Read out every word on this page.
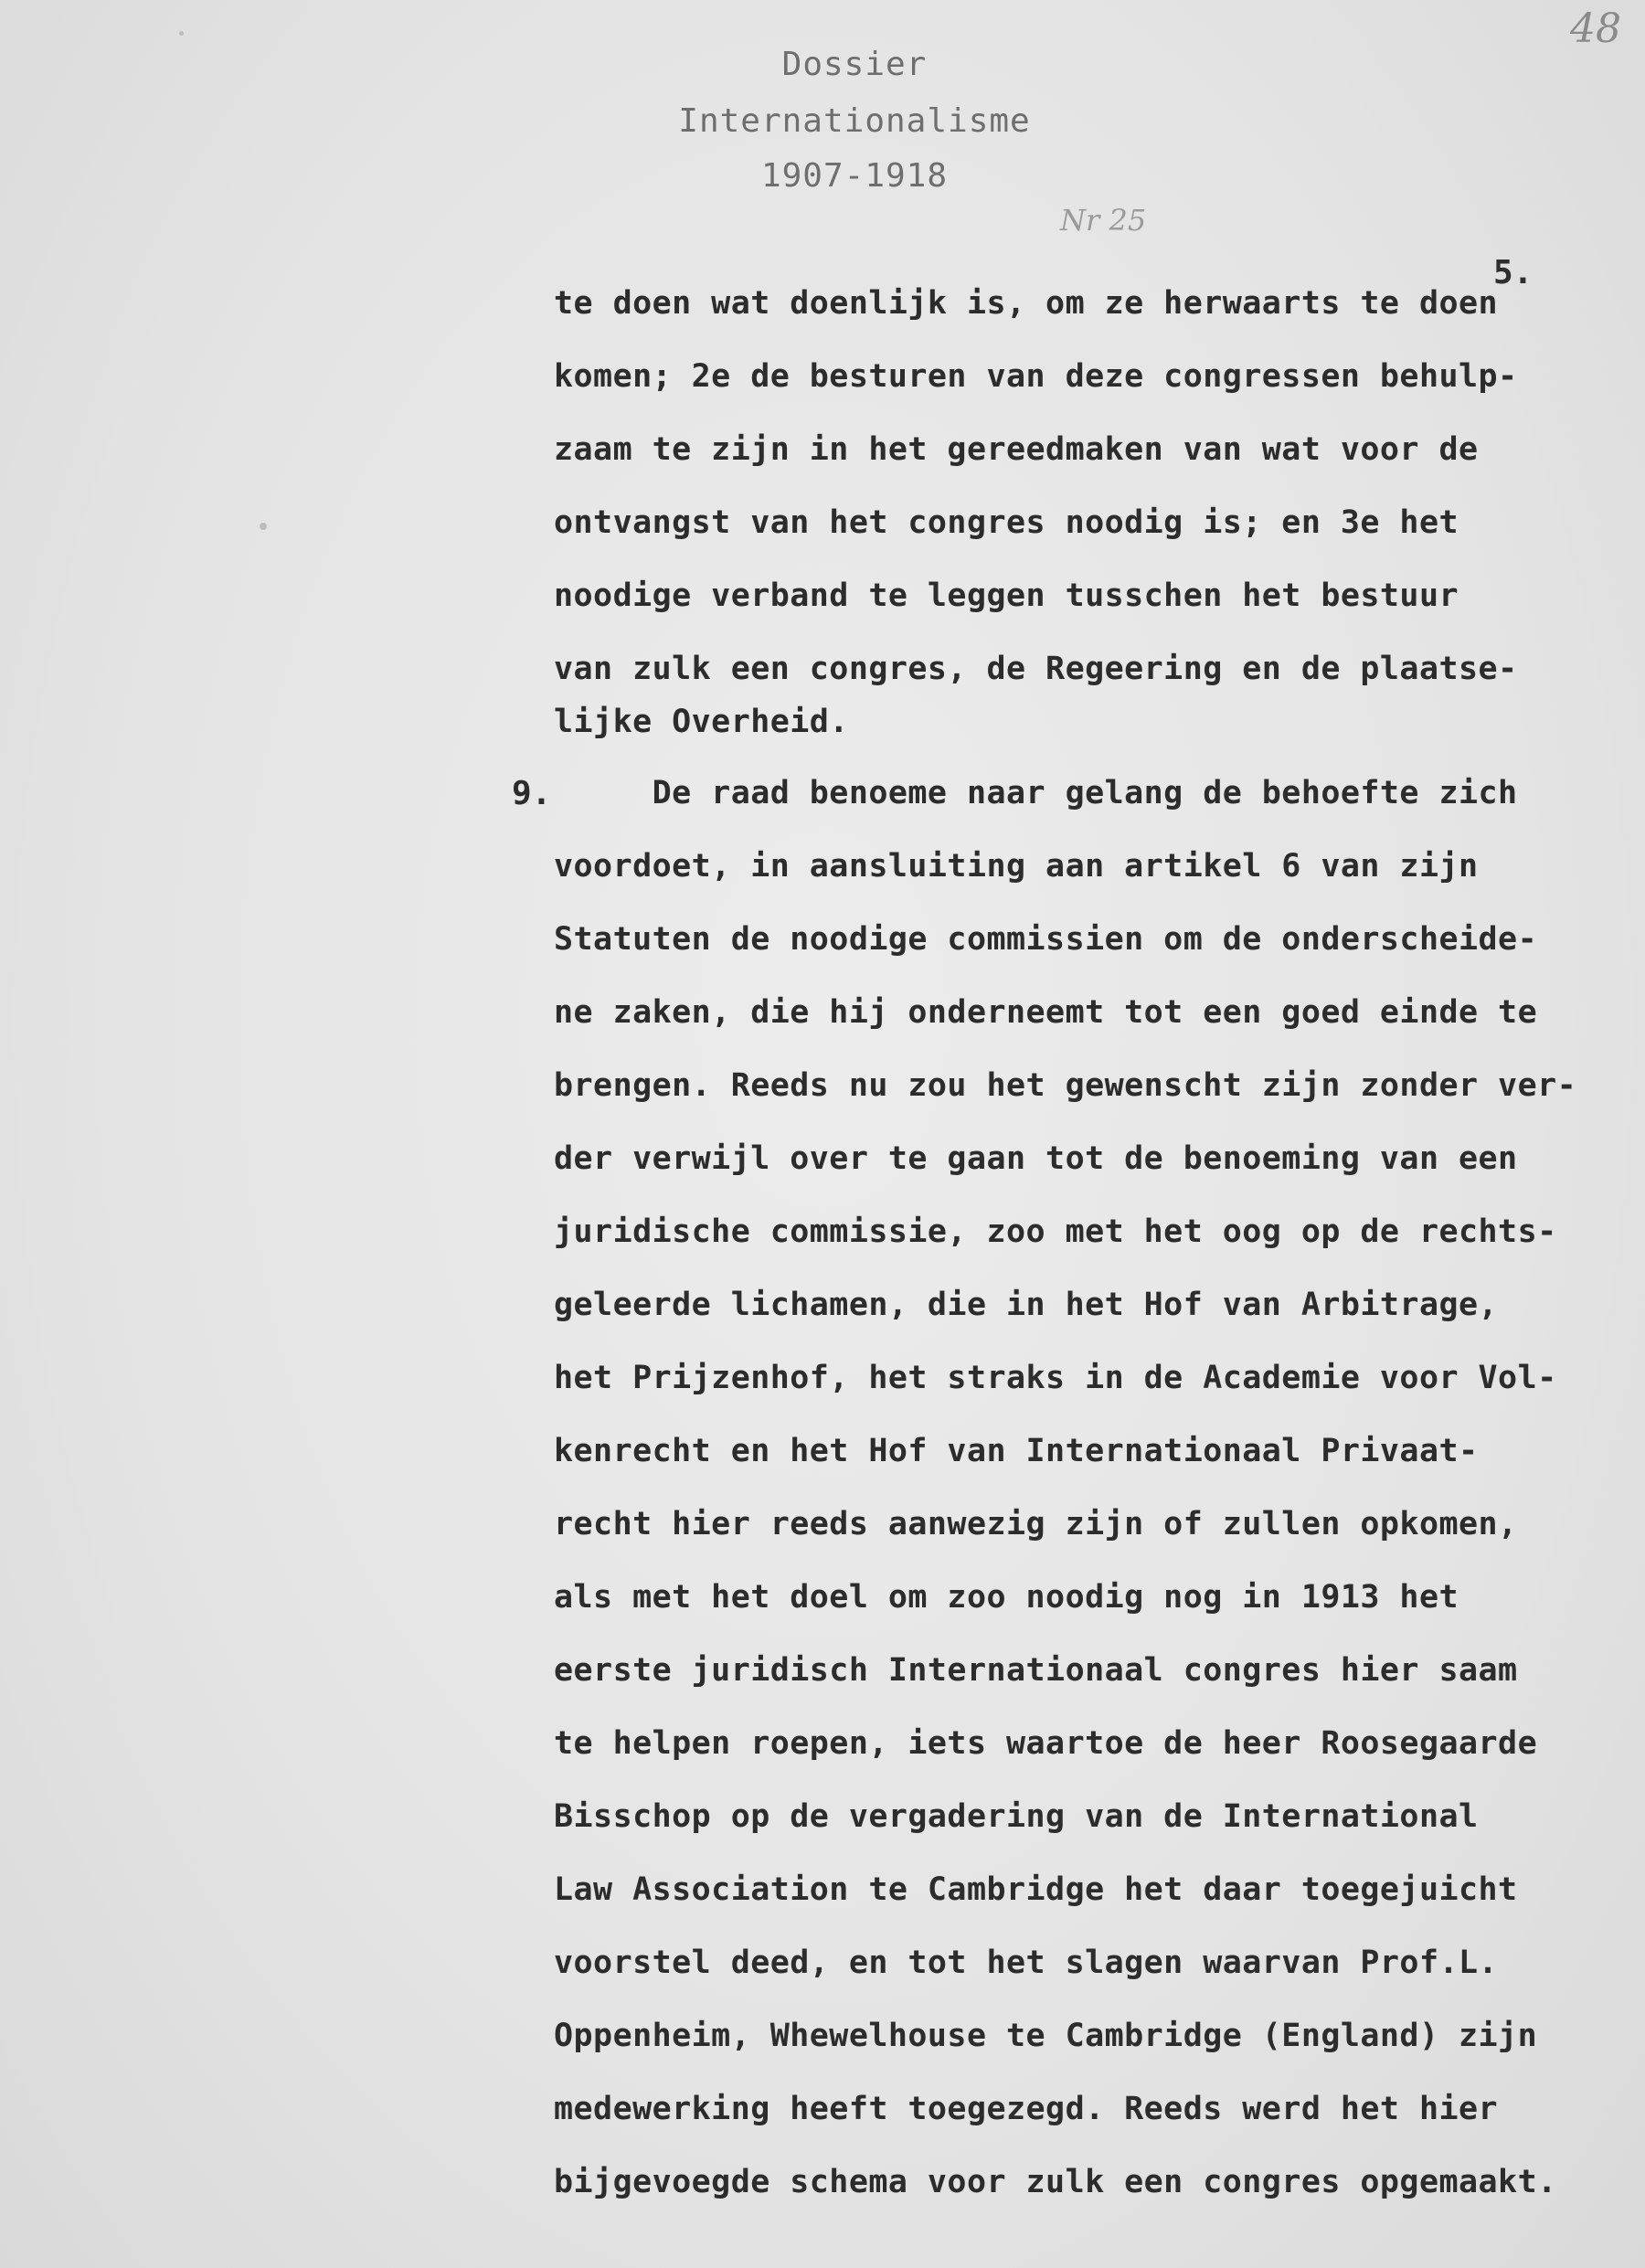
Dossier
Internationalisme
1907-1918
Nr 25
48
5.
te doen wat doenlijk is, om ze herwaarts te doen
komen; 2e de besturen van deze congressen behulp-
zaam te zijn in het gereedmaken van wat voor de
ontvangst van het congres noodig is; en 3e het
noodige verband te leggen tusschen het bestuur
van zulk een congres, de Regeering en de plaatse-
lijke Overheid.
9. De raad benoeme naar gelang de behoefte zich
voordoet, in aansluiting aan artikel 6 van zijn
Statuten de noodige commissien om de onderscheide-
ne zaken, die hij onderneemt tot een goed einde te
brengen. Reeds nu zou het gewenscht zijn zonder ver-
der verwijl over te gaan tot de benoeming van een
juridische commissie, zoo met het oog op de rechts-
geleerde lichamen, die in het Hof van Arbitrage,
het Prijzenhof, het straks in de Academie voor Vol-
kenrecht en het Hof van Internationaal Privaat-
recht hier reeds aanwezig zijn of zullen opkomen,
als met het doel om zoo noodig nog in 1913 het
eerste juridisch Internationaal congres hier saam
te helpen roepen, iets waartoe de heer Roosegaarde
Bisschop op de vergadering van de International
Law Association te Cambridge het daar toegejuicht
voorstel deed, en tot het slagen waarvan Prof.L.
Oppenheim, Whewelhouse te Cambridge (England) zijn
medewerking heeft toegezegd. Reeds werd het hier
bijgevoegde schema voor zulk een congres opgemaakt.
